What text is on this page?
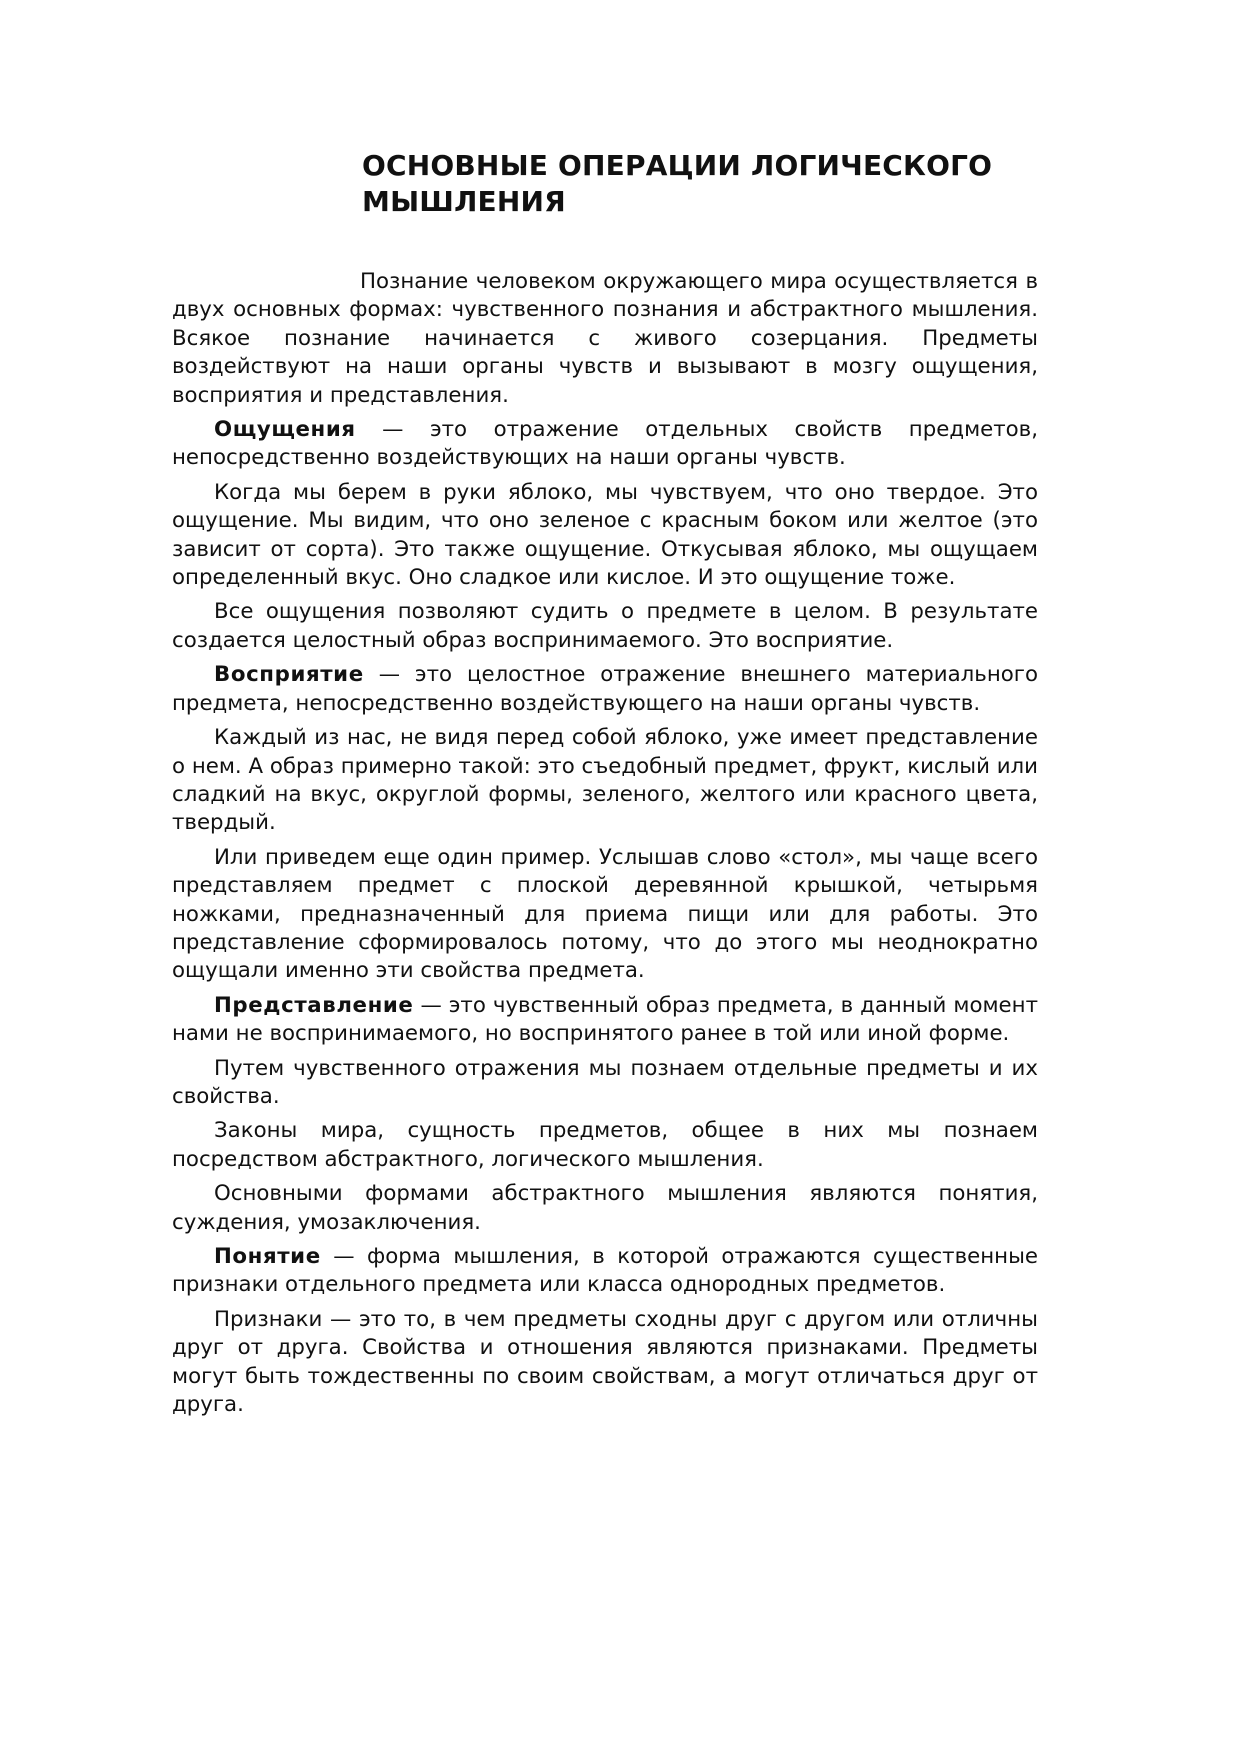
ОСНОВНЫЕ ОПЕРАЦИИ ЛОГИЧЕСКОГО
МЫШЛЕНИЯ

Познание человеком окружающего мира осуществляется в двух основных формах: чувственного познания и абстрактного мышления. Всякое познание начинается с живого созерцания. Предметы воздействуют на наши органы чувств и вызывают в мозгу ощущения, восприятия и представления.

Ощущения — это отражение отдельных свойств предметов, непосредственно воздействующих на наши органы чувств.

Когда мы берем в руки яблоко, мы чувствуем, что оно твердое. Это ощущение. Мы видим, что оно зеленое с красным боком или желтое (это зависит от сорта). Это также ощущение. Откусывая яблоко, мы ощущаем определенный вкус. Оно сладкое или кислое. И это ощущение тоже.

Все ощущения позволяют судить о предмете в целом. В результате создается целостный образ воспринимаемого. Это восприятие.

Восприятие — это целостное отражение внешнего материального предмета, непосредственно воздействующего на наши органы чувств.

Каждый из нас, не видя перед собой яблоко, уже имеет представление о нем. А образ примерно такой: это съедобный предмет, фрукт, кислый или сладкий на вкус, округлой формы, зеленого, желтого или красного цвета, твердый.

Или приведем еще один пример. Услышав слово «стол», мы чаще всего представляем предмет с плоской деревянной крышкой, четырьмя ножками, предназначенный для приема пищи или для работы. Это представление сформировалось потому, что до этого мы неоднократно ощущали именно эти свойства предмета.

Представление — это чувственный образ предмета, в данный момент нами не воспринимаемого, но воспринятого ранее в той или иной форме.

Путем чувственного отражения мы познаем отдельные предметы и их свойства.

Законы мира, сущность предметов, общее в них мы познаем посредством абстрактного, логического мышления.

Основными формами абстрактного мышления являются понятия, суждения, умозаключения.

Понятие — форма мышления, в которой отражаются существенные признаки отдельного предмета или класса однородных предметов.

Признаки — это то, в чем предметы сходны друг с другом или отличны друг от друга. Свойства и отношения являются признаками. Предметы могут быть тождественны по своим свойствам, а могут отличаться друг от друга.
